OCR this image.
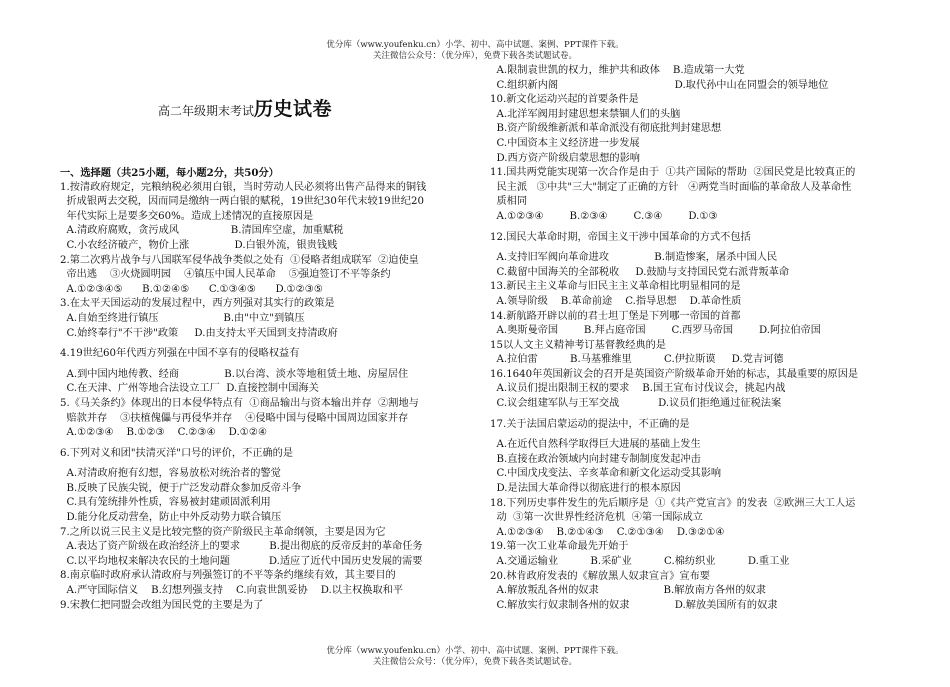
优分库（www.youfenku.cn）小学、初中、高中试题、案例、PPT课件下载。
关注微信公众号：（优分库），免费下载各类试题试卷。
高二年级期末考试历史试卷
一、选择题（共25小题，每小题2分，共50分）
1.按清政府规定，完粮纳税必须用白银，当时劳动人民必须将出售产品得来的铜钱
折成银两去交税，因而同是缴纳一两白银的赋税，19世纪30年代末较19世纪20
年代实际上是要多交60%。造成上述情况的直接原因是
A.清政府腐败，贪污成风                B.清国库空虚，加重赋税
C.小农经济破产，物价上涨              D.白银外流，银贵钱贱
2.第二次鸦片战争与八国联军侵华战争类似之处有  ①侵略者组成联军  ②迫使皇
帝出逃    ③火烧圆明园    ④镇压中国人民革命    ⑤强迫签订不平等条约
A.①②③④⑤      B.①②④⑤      C.①③④⑤      D.①②③⑤
3.在太平天国运动的发展过程中，西方列强对其实行的政策是
A.自始至终进行镇压                    B.由"中立"到镇压
C.始终奉行"不干涉"政策     D.由支持太平天国到支持清政府
4.19世纪60年代西方列强在中国不享有的侵略权益有
A.到中国内地传教、经商              B.以台湾、淡水等地租赁土地、房屋居住
C.在天津、广州等地合法设立工厂  D.直接控制中国海关
5.《马关条约》体现出的日本侵华特点有  ①商品输出与资本输出并存  ②割地与
赔款并存    ③扶植傀儡与再侵华并存    ④侵略中国与侵略中国周边国家并存
A.①②③④    B.①②③    C.②③④    D.①②④
6.下列对义和团"扶清灭洋"口号的评价，不正确的是
A.对清政府抱有幻想，容易放松对统治者的警觉
B.反映了民族尖锐，便于广泛发动群众参加反帝斗争
C.具有笼统排外性质，容易被封建顽固派利用
D.能分化反动营垒，防止中外反动势力联合镇压
7.之所以说三民主义是比较完整的资产阶级民主革命纲领，主要是因为它
A.表达了资产阶级在政治经济上的要求         B.提出彻底的反帝反封的革命任务
C.以平均地权来解决农民的土地问题            D.适应了近代中国历史发展的需要
8.南京临时政府承认清政府与列强签订的不平等条约继续有效，其主要目的
A.严守国际信义    B.幻想列强支持    C.向袁世凯妥协    D.以主权换取和平
9.宋教仁把同盟会改组为国民党的主要是为了
A.限制袁世凯的权力，维护共和政体    B.造成第一大党
C.组织新内阁                                    D.取代孙中山在同盟会的领导地位
10.新文化运动兴起的首要条件是
A.北洋军阀用封建思想来禁锢人们的头脑
B.资产阶级维新派和革命派没有彻底批判封建思想
C.中国资本主义经济进一步发展
D.西方资产阶级启蒙思想的影响
11.国共两党能实现第一次合作是由于  ①共产国际的帮助  ②国民党是比较真正的
民主派   ③中共"三大"制定了正确的方针   ④两党当时面临的革命敌人及革命性
质相同
A.①②③④        B.②③④        C.③④        D.①③
12.国民大革命时期，帝国主义干涉中国革命的方式不包括
A.支持旧军阀向革命进攻              B.制造惨案，屠杀中国人民
C.截留中国海关的全部税收     D.鼓励与支持国民党右派背叛革命
13.新民主主义革命与旧民主主义革命相比明显相同的是
A.领导阶级    B.革命前途    C.指导思想    D.革命性质
14.新航路开辟以前的君士坦丁堡是下列哪一帝国的首都
A.奥斯曼帝国        B.拜占庭帝国        C.西罗马帝国        D.阿拉伯帝国
15以人文主义精神考订基督教经典的是
A.拉伯雷          B.马基雅维里          C.伊拉斯谟     D.党吉诃德
16.1640年英国新议会的召开是英国资产阶级革命开始的标志，其最重要的原因是
A.议员们提出限制王权的要求    B.国王宣布讨伐议会，挑起内战
C.议会组建军队与王军交战            D.议员们拒绝通过征税法案
17.关于法国启蒙运动的提法中，不正确的是
A.在近代自然科学取得巨大进展的基础上发生
B.直接在政治领域内向封建专制制度发起冲击
C.中国戊戌变法、辛亥革命和新文化运动受其影响
D.是法国大革命得以彻底进行的根本原因
18.下列历史事件发生的先后顺序是  ①《共产党宣言》的发表  ②欧洲三大工人运
动  ③第一次世界性经济危机  ④第一国际成立
A.①②③④    B.②①④③    C.②①③④    D.③②①④
19.第一次工业革命最先开始于
A.交通运输业          B.采矿业          C.棉纺织业          D.重工业
20.林肯政府发表的《解放黑人奴隶宣言》宣布要
A.解放叛乱各州的奴隶                    B.解放南方各州的奴隶
C.解放实行奴隶制各州的奴隶              D.解放美国所有的奴隶
优分库（www.youfenku.cn）小学、初中、高中试题、案例、PPT课件下载。
关注微信公众号：（优分库），免费下载各类试题试卷。
